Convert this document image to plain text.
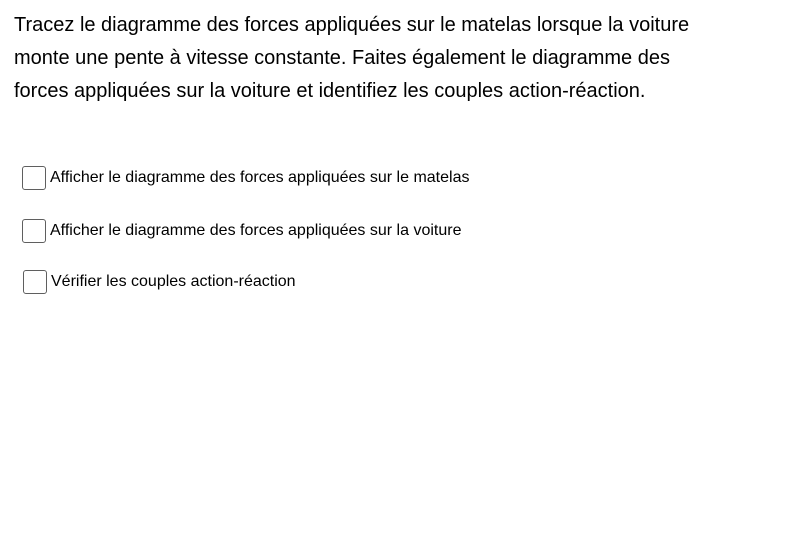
Tracez le diagramme des forces appliquées sur le matelas lorsque la voiture monte une pente à vitesse constante. Faites également le diagramme des forces appliquées sur la voiture et identifiez les couples action-réaction.

Afficher le diagramme des forces appliquées sur le matelas
Afficher le diagramme des forces appliquées sur la voiture
Vérifier les couples action-réaction
